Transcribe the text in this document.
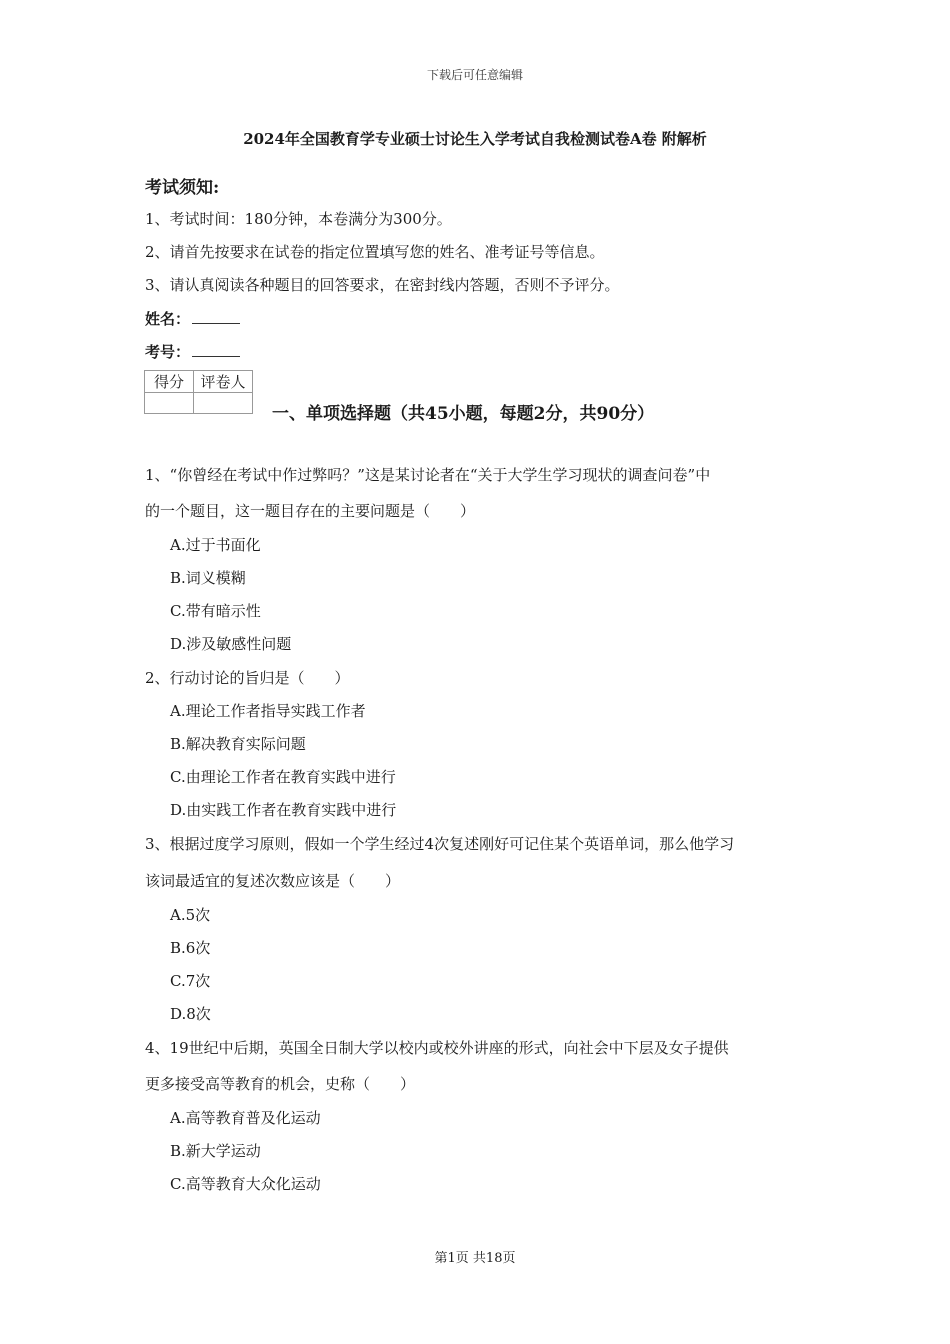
下载后可任意编辑
2024年全国教育学专业硕士讨论生入学考试自我检测试卷A卷 附解析
考试须知:
1、考试时间：180分钟，本卷满分为300分。
2、请首先按要求在试卷的指定位置填写您的姓名、准考证号等信息。
3、请认真阅读各种题目的回答要求，在密封线内答题，否则不予评分。
姓名：
考号：
得分	评卷人

一、单项选择题（共45小题，每题2分，共90分）
1、“你曾经在考试中作过弊吗？”这是某讨论者在“关于大学生学习现状的调查问卷”中
的一个题目，这一题目存在的主要问题是（　　）
A.过于书面化
B.词义模糊
C.带有暗示性
D.涉及敏感性问题
2、行动讨论的旨归是（　　）
A.理论工作者指导实践工作者
B.解决教育实际问题
C.由理论工作者在教育实践中进行
D.由实践工作者在教育实践中进行
3、根据过度学习原则，假如一个学生经过4次复述刚好可记住某个英语单词，那么他学习
该词最适宜的复述次数应该是（　　）
A.5次
B.6次
C.7次
D.8次
4、19世纪中后期，英国全日制大学以校内或校外讲座的形式，向社会中下层及女子提供
更多接受高等教育的机会，史称（　　）
A.高等教育普及化运动
B.新大学运动
C.高等教育大众化运动
第1页 共18页
